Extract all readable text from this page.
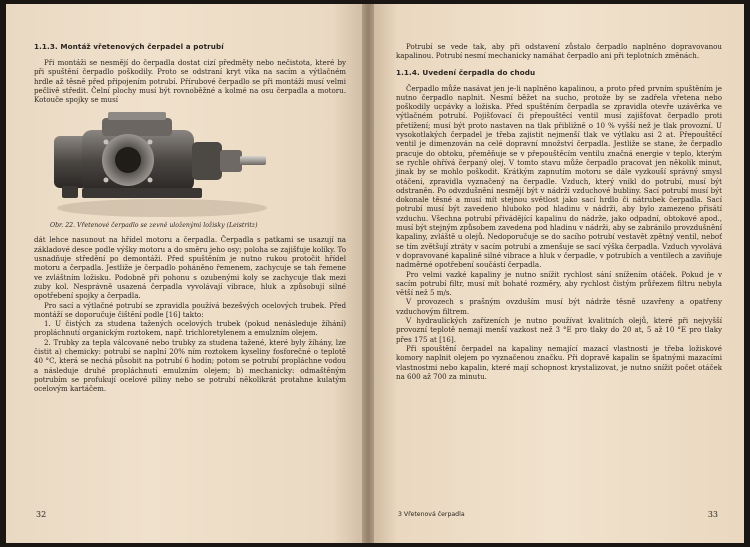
1.1.3. Montáž vřetenových čerpadel a potrubí

Při montáži se nesmějí do čerpadla dostat cizí předměty nebo nečistota, které by při spuštění čerpadlo poškodily. Proto se odstraní kryt víka na sacím a výtlačném hrdle až těsně před připojením potrubí. Přírubové čerpadlo se při montáži musí velmi pečlivě středit. Čelní plochy musí být rovnoběžné a kolmé na osu čerpadla a motoru. Kotouče spojky se musí

Obr. 22. Vřetenové čerpadlo se zevně uloženými ložisky (Leistritz)

dát lehce nasunout na hřídel motoru a čerpadla. Čerpadla s patkami se usazují na základové desce podle výšky motoru a do směru jeho osy; poloha se zajišťuje kolíky. To usnadňuje středění po demontáži. Před spuštěním je nutno rukou protočit hřídel motoru a čerpadla. Jestliže je čerpadlo poháněno řemenem, zachycuje se tah řemene ve zvláštním ložisku. Podobně při pohonu s ozubenými koly se zachycuje tlak mezi zuby kol. Nesprávně usazená čerpadla vyvolávají vibrace, hluk a způsobují silné opotřebení spojky a čerpadla.

Pro sací a výtlačné potrubí se zpravidla používá bezešvých ocelových trubek. Před montáží se doporučuje čištění podle [16] takto:

1. U čistých za studena tažených ocelových trubek (pokud nenásleduje žíhání) propláchnutí organickým roztokem, např. trichloretylenem a emulzním olejem.

2. Trubky za tepla válcované nebo trubky za studena tažené, které byly žíhány, lze čistit a) chemicky: potrubí se naplní 20% ním roztokem kyseliny fosforečné o teplotě 40 °C, která se nechá působit na potrubí 6 hodin; potom se potrubí propláchne vodou a následuje druhé propláchnutí emulzním olejem; b) mechanicky: odmaštěným potrubím se profukují ocelové piliny nebo se potrubí několikrát protahne kulatým ocelovým kartáčem.

32

Potrubí se vede tak, aby při odstavení zůstalo čerpadlo naplněno dopravovanou kapalinou. Potrubí nesmí mechanicky namáhat čerpadlo ani při teplotních změnách.

1.1.4. Uvedení čerpadla do chodu

Čerpadlo může nasávat jen je-li naplněno kapalinou, a proto před prvním spuštěním je nutno čerpadlo naplnit. Nesmí běžet na sucho, protože by se zadřela vřetena nebo poškodily ucpávky a ložiska. Před spuštěním čerpadla se zpravidla otevře uzávěrka ve výtlačném potrubí. Pojišťovací či přepouštěcí ventil musí zajišťovat čerpadlo proti přetížení; musí být proto nastaven na tlak přibližně o 10 % vyšší než je tlak provozní. U vysokotlakých čerpadel je třeba zajistit nejmenší tlak ve výtlaku asi 2 at. Přepouštěcí ventil je dimenzován na celé dopravní množství čerpadla. Jestliže se stane, že čerpadlo pracuje do obtoku, přeměňuje se v přepouštěcím ventilu značná energie v teplo, kterým se rychle ohřívá čerpaný olej. V tomto stavu může čerpadlo pracovat jen několik minut, jinak by se mohlo poškodit. Krátkým zapnutím motoru se dále vyzkouší správný smysl otáčení, zpravidla vyznačený na čerpadle. Vzduch, který vnikl do potrubí, musí být odstraněn. Po odvzdušnění nesmějí být v nádrži vzduchové bubliny. Sací potrubí musí být dokonale těsné a musí mít stejnou světlost jako sací hrdlo či nátrubek čerpadla. Sací potrubí musí být zavedeno hluboko pod hladinu v nádrži, aby bylo zamezeno přisátí vzduchu. Všechna potrubí přivádějící kapalinu do nádrže, jako odpadní, obtokové apod., musí být stejným způsobem zavedena pod hladinu v nádrži, aby se zabránilo provzdušnění kapaliny, zvláště u olejů. Nedoporučuje se do sacího potrubí vestavět zpětný ventil, neboť se tím zvětšují ztráty v sacím potrubí a zmenšuje se sací výška čerpadla. Vzduch vyvolává v dopravované kapalině silné vibrace a hluk v čerpadle, v potrubích a ventilech a zaviňuje nadměrné opotřebení součástí čerpadla.

Pro velmi vazké kapaliny je nutno snížit rychlost sání snížením otáček. Pokud je v sacím potrubí filtr, musí mít bohaté rozměry, aby rychlost čistým průřezem filtru nebyla větší než 5 m/s.

V provozech s prašným ovzduším musí být nádrže těsně uzavřeny a opatřeny vzduchovým filtrem.

V hydraulických zařízeních je nutno používat kvalitních olejů, které při nejvyšší provozní teplotě nemají menší vazkost než 3 °E pro tlaky do 20 at, 5 až 10 °E pro tlaky přes 175 at [16].

Při spouštění čerpadel na kapaliny nemající mazací vlastnosti je třeba ložiskové komory naplnit olejem po vyznačenou značku. Při dopravě kapalin se špatnými mazacími vlastnostmi nebo kapalin, které mají schopnost krystalizovat, je nutno snížit počet otáček na 600 až 700 za minutu.

3 Vřetenová čerpadla	33
